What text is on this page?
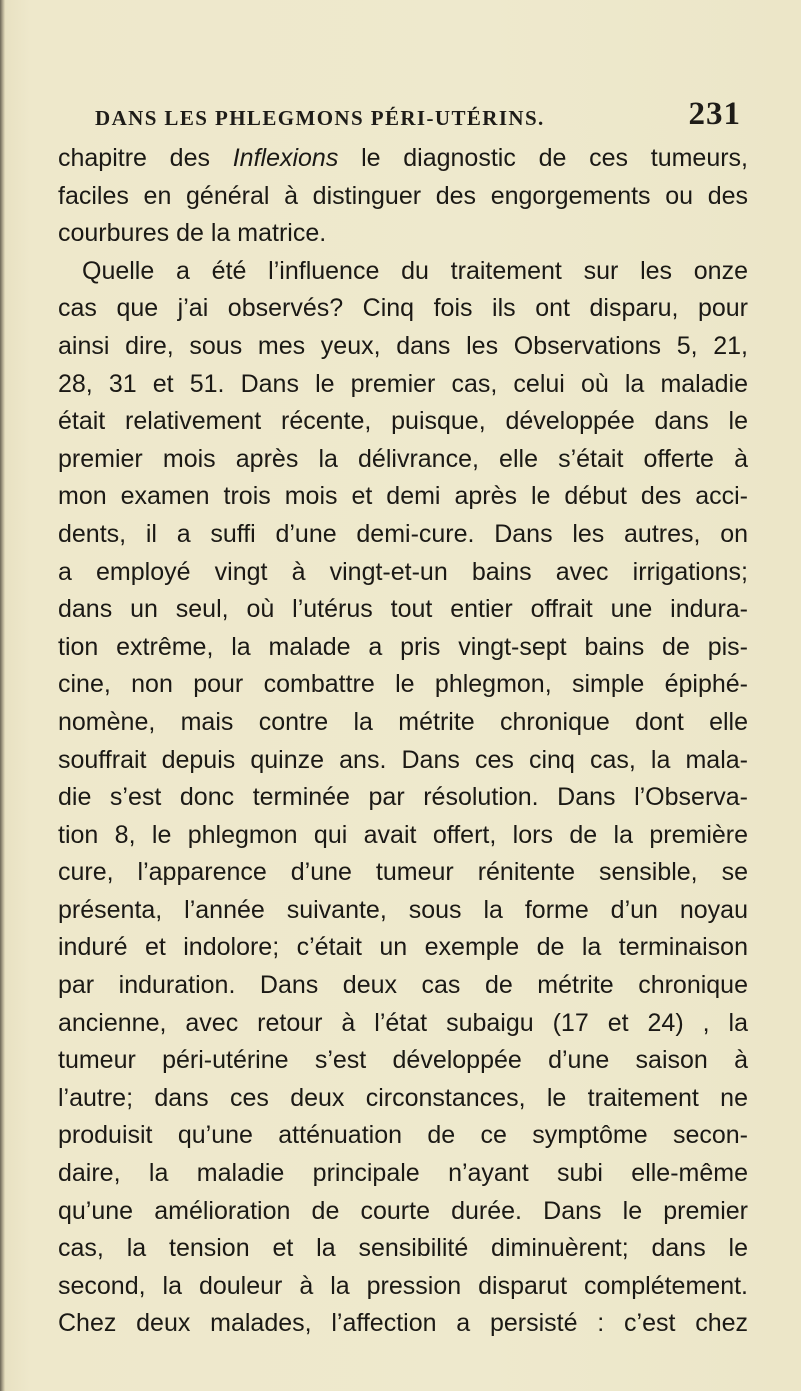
DANS LES PHLEGMONS PÉRI-UTÉRINS.	231
chapitre des Inflexions le diagnostic de ces tumeurs,
faciles en général à distinguer des engorgements ou des
courbures de la matrice.
Quelle a été l’influence du traitement sur les onze
cas que j’ai observés? Cinq fois ils ont disparu, pour
ainsi dire, sous mes yeux, dans les Observations 5, 21,
28, 31 et 51. Dans le premier cas, celui où la maladie
était relativement récente, puisque, développée dans le
premier mois après la délivrance, elle s’était offerte à
mon examen trois mois et demi après le début des acci-
dents, il a suffi d’une demi-cure. Dans les autres, on
a employé vingt à vingt-et-un bains avec irrigations;
dans un seul, où l’utérus tout entier offrait une indura-
tion extrême, la malade a pris vingt-sept bains de pis-
cine, non pour combattre le phlegmon, simple épiphé-
nomène, mais contre la métrite chronique dont elle
souffrait depuis quinze ans. Dans ces cinq cas, la mala-
die s’est donc terminée par résolution. Dans l’Observa-
tion 8, le phlegmon qui avait offert, lors de la première
cure, l’apparence d’une tumeur rénitente sensible, se
présenta, l’année suivante, sous la forme d’un noyau
induré et indolore; c’était un exemple de la terminaison
par induration. Dans deux cas de métrite chronique
ancienne, avec retour à l’état subaigu (17 et 24) , la
tumeur péri-utérine s’est développée d’une saison à
l’autre; dans ces deux circonstances, le traitement ne
produisit qu’une atténuation de ce symptôme secon-
daire, la maladie principale n’ayant subi elle-même
qu’une amélioration de courte durée. Dans le premier
cas, la tension et la sensibilité diminuèrent; dans le
second, la douleur à la pression disparut complétement.
Chez deux malades, l’affection a persisté : c’est chez
